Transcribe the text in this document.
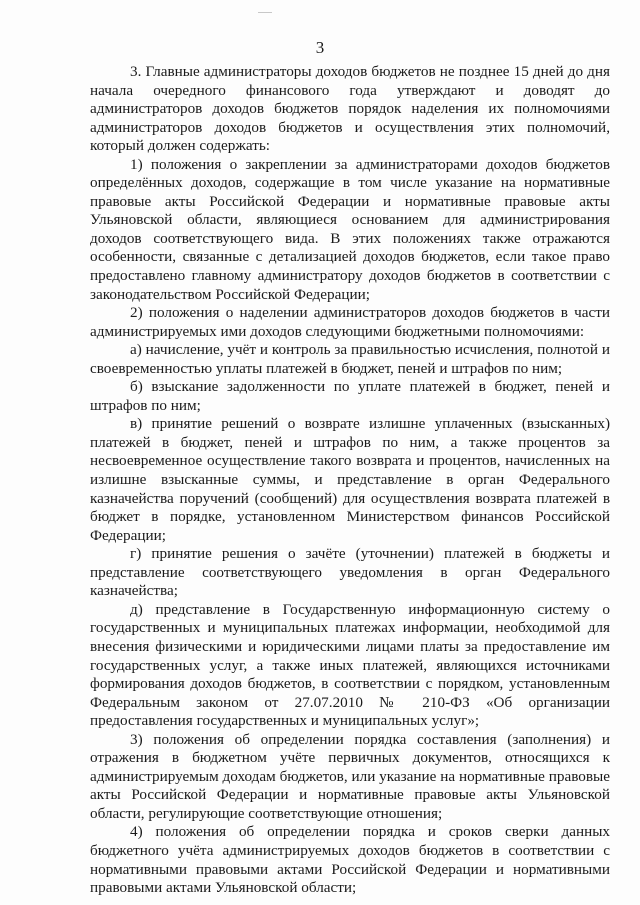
3

3. Главные администраторы доходов бюджетов не позднее 15 дней до дня начала очередного финансового года утверждают и доводят до администраторов доходов бюджетов порядок наделения их полномочиями администраторов доходов бюджетов и осуществления этих полномочий, который должен содержать:

1) положения о закреплении за администраторами доходов бюджетов определённых доходов, содержащие в том числе указание на нормативные правовые акты Российской Федерации и нормативные правовые акты Ульяновской области, являющиеся основанием для администрирования доходов соответствующего вида. В этих положениях также отражаются особенности, связанные с детализацией доходов бюджетов, если такое право предоставлено главному администратору доходов бюджетов в соответствии с законодательством Российской Федерации;

2) положения о наделении администраторов доходов бюджетов в части администрируемых ими доходов следующими бюджетными полномочиями:

а) начисление, учёт и контроль за правильностью исчисления, полнотой и своевременностью уплаты платежей в бюджет, пеней и штрафов по ним;

б) взыскание задолженности по уплате платежей в бюджет, пеней и штрафов по ним;

в) принятие решений о возврате излишне уплаченных (взысканных) платежей в бюджет, пеней и штрафов по ним, а также процентов за несвоевременное осуществление такого возврата и процентов, начисленных на излишне взысканные суммы, и представление в орган Федерального казначейства поручений (сообщений) для осуществления возврата платежей в бюджет в порядке, установленном Министерством финансов Российской Федерации;

г) принятие решения о зачёте (уточнении) платежей в бюджеты и представление соответствующего уведомления в орган Федерального казначейства;

д) представление в Государственную информационную систему о государственных и муниципальных платежах информации, необходимой для внесения физическими и юридическими лицами платы за предоставление им государственных услуг, а также иных платежей, являющихся источниками формирования доходов бюджетов, в соответствии с порядком, установленным Федеральным законом от 27.07.2010 № 210-ФЗ «Об организации предоставления государственных и муниципальных услуг»;

3) положения об определении порядка составления (заполнения) и отражения в бюджетном учёте первичных документов, относящихся к администрируемым доходам бюджетов, или указание на нормативные правовые акты Российской Федерации и нормативные правовые акты Ульяновской области, регулирующие соответствующие отношения;

4) положения об определении порядка и сроков сверки данных бюджетного учёта администрируемых доходов бюджетов в соответствии с нормативными правовыми актами Российской Федерации и нормативными правовыми актами Ульяновской области;
